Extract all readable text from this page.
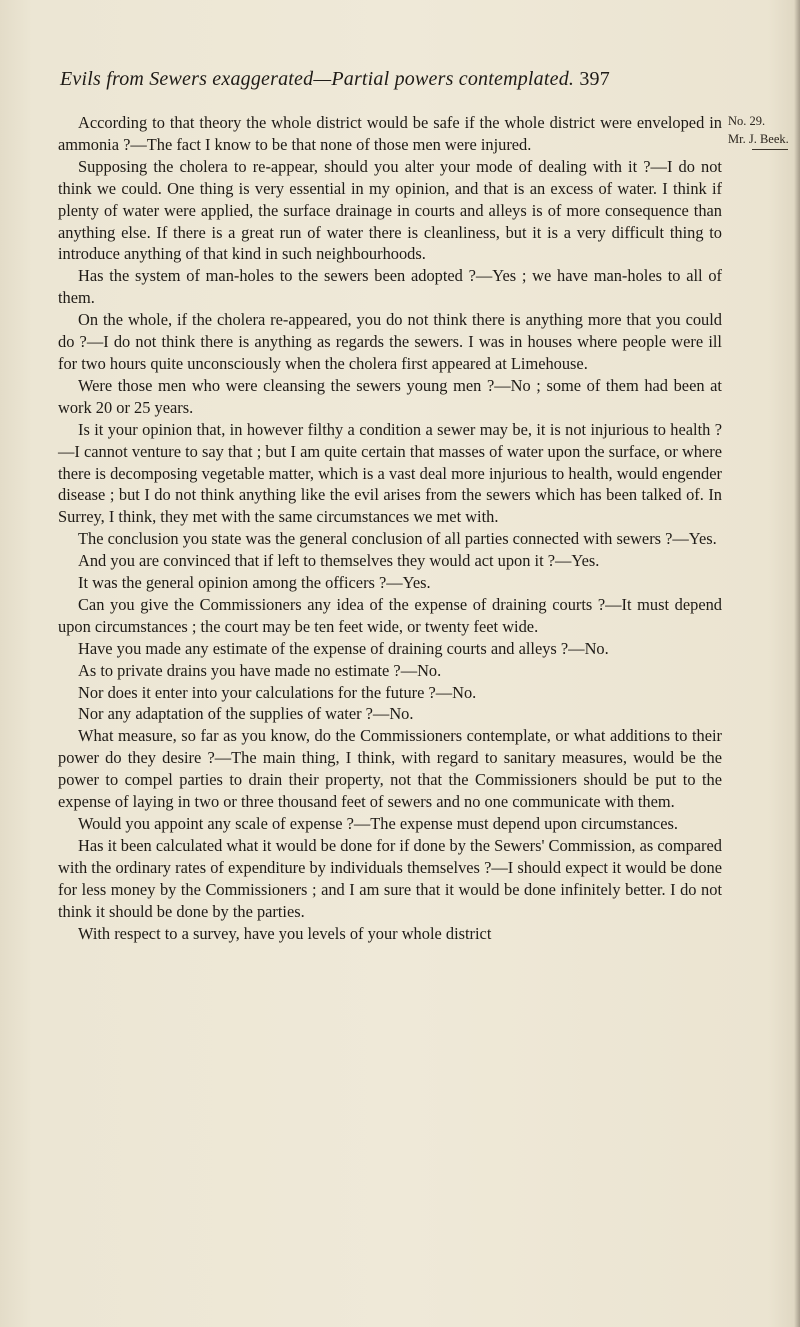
Evils from Sewers exaggerated—Partial powers contemplated. 397
No. 29.
Mr. J. Beek.

According to that theory the whole district would be safe if the whole district were enveloped in ammonia ?—The fact I know to be that none of those men were injured.

Supposing the cholera to re-appear, should you alter your mode of dealing with it ?—I do not think we could. One thing is very essential in my opinion, and that is an excess of water. I think if plenty of water were applied, the surface drainage in courts and alleys is of more consequence than anything else. If there is a great run of water there is cleanliness, but it is a very difficult thing to introduce anything of that kind in such neighbourhoods.

Has the system of man-holes to the sewers been adopted ?—Yes ; we have man-holes to all of them.

On the whole, if the cholera re-appeared, you do not think there is anything more that you could do ?—I do not think there is anything as regards the sewers. I was in houses where people were ill for two hours quite unconsciously when the cholera first appeared at Limehouse.

Were those men who were cleansing the sewers young men ?—No ; some of them had been at work 20 or 25 years.

Is it your opinion that, in however filthy a condition a sewer may be, it is not injurious to health ?—I cannot venture to say that ; but I am quite certain that masses of water upon the surface, or where there is decomposing vegetable matter, which is a vast deal more injurious to health, would engender disease ; but I do not think anything like the evil arises from the sewers which has been talked of. In Surrey, I think, they met with the same circumstances we met with.

The conclusion you state was the general conclusion of all parties connected with sewers ?—Yes.

And you are convinced that if left to themselves they would act upon it ?—Yes.

It was the general opinion among the officers ?—Yes.

Can you give the Commissioners any idea of the expense of draining courts ?—It must depend upon circumstances ; the court may be ten feet wide, or twenty feet wide.

Have you made any estimate of the expense of draining courts and alleys ?—No.

As to private drains you have made no estimate ?—No.

Nor does it enter into your calculations for the future ?—No.

Nor any adaptation of the supplies of water ?—No.

What measure, so far as you know, do the Commissioners contemplate, or what additions to their power do they desire ?—The main thing, I think, with regard to sanitary measures, would be the power to compel parties to drain their property, not that the Commissioners should be put to the expense of laying in two or three thousand feet of sewers and no one communicate with them.

Would you appoint any scale of expense ?—The expense must depend upon circumstances.

Has it been calculated what it would be done for if done by the Sewers' Commission, as compared with the ordinary rates of expenditure by individuals themselves ?—I should expect it would be done for less money by the Commissioners ; and I am sure that it would be done infinitely better. I do not think it should be done by the parties.

With respect to a survey, have you levels of your whole district
